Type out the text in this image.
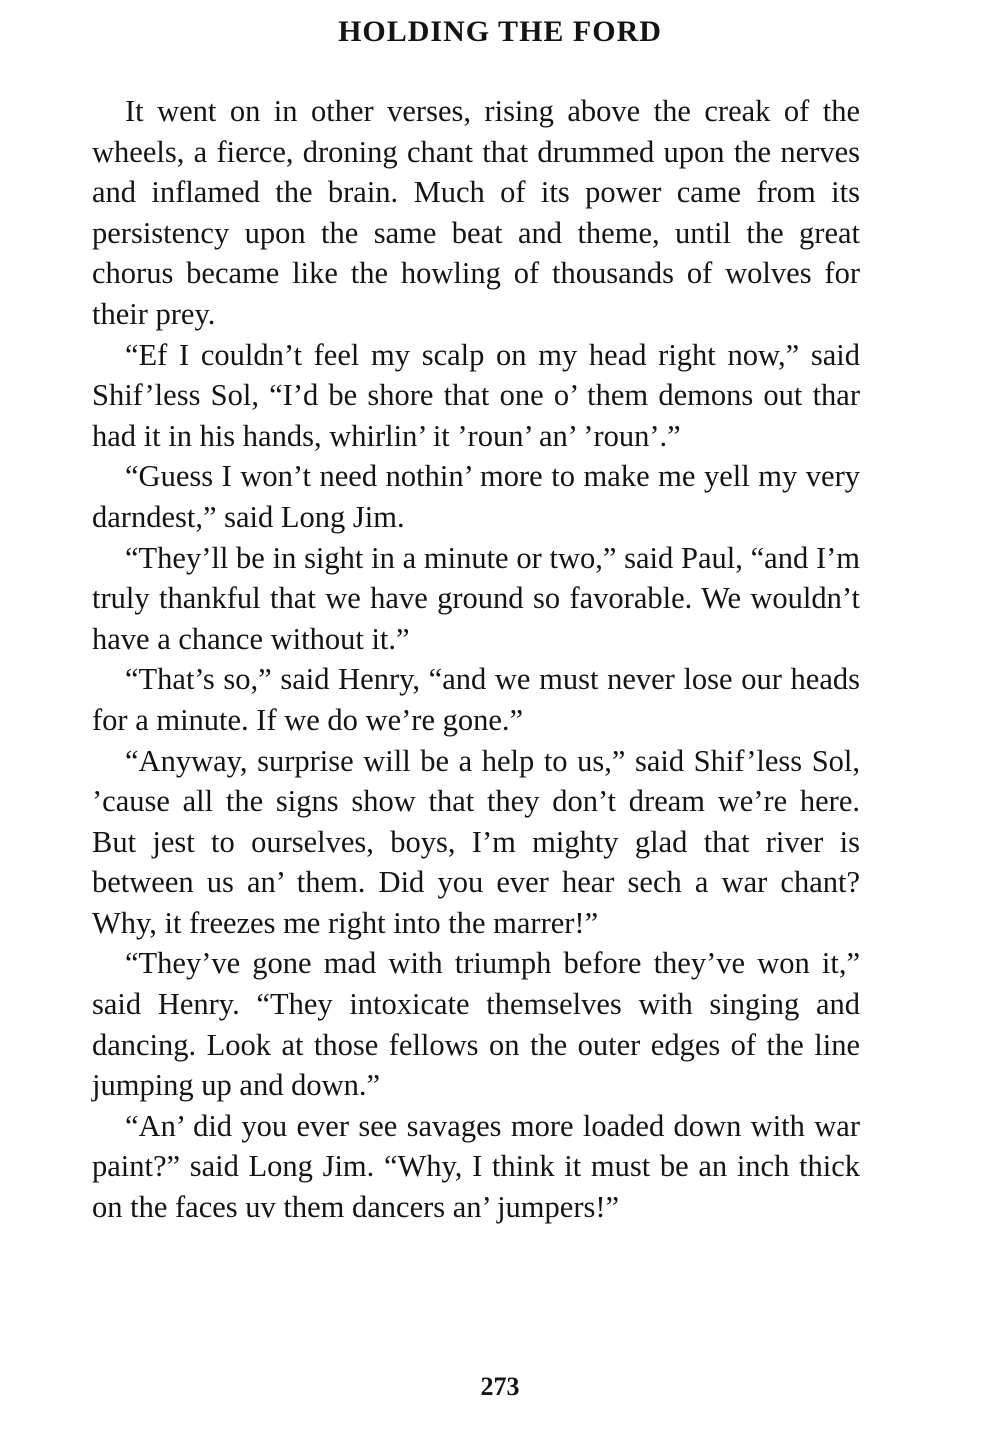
HOLDING THE FORD

It went on in other verses, rising above the creak of the wheels, a fierce, droning chant that drummed upon the nerves and inflamed the brain. Much of its power came from its persistency upon the same beat and theme, until the great chorus became like the howling of thousands of wolves for their prey.

“Ef I couldn’t feel my scalp on my head right now,” said Shif’less Sol, “I’d be shore that one o’ them demons out thar had it in his hands, whirlin’ it ’roun’ an’ ’roun’.”

“Guess I won’t need nothin’ more to make me yell my very darndest,” said Long Jim.

“They’ll be in sight in a minute or two,” said Paul, “and I’m truly thankful that we have ground so favorable. We wouldn’t have a chance without it.”

“That’s so,” said Henry, “and we must never lose our heads for a minute. If we do we’re gone.”

“Anyway, surprise will be a help to us,” said Shif’less Sol, ’cause all the signs show that they don’t dream we’re here. But jest to ourselves, boys, I’m mighty glad that river is between us an’ them. Did you ever hear sech a war chant? Why, it freezes me right into the marrer!”

“They’ve gone mad with triumph before they’ve won it,” said Henry. “They intoxicate themselves with singing and dancing. Look at those fellows on the outer edges of the line jumping up and down.”

“An’ did you ever see savages more loaded down with war paint?” said Long Jim. “Why, I think it must be an inch thick on the faces uv them dancers an’ jumpers!”

273
